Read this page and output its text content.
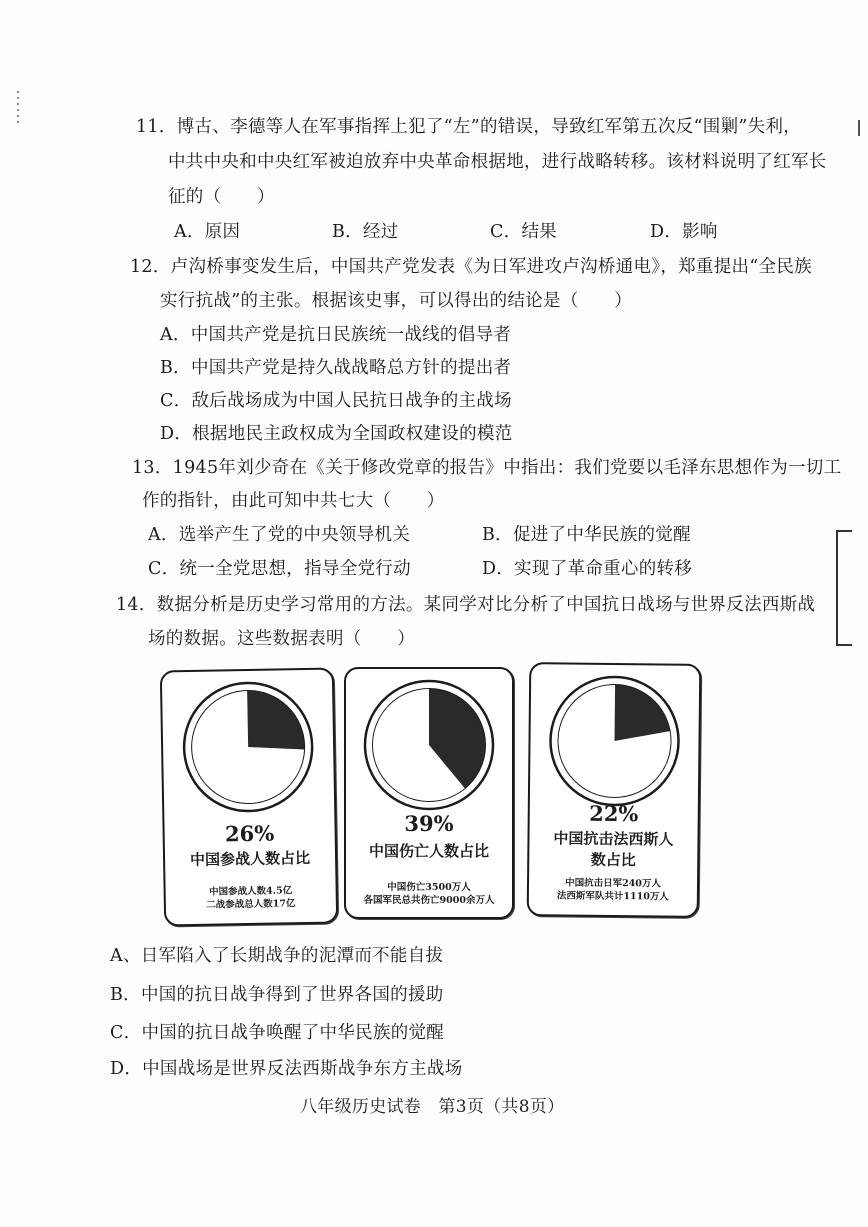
11．博古、李德等人在军事指挥上犯了“左”的错误，导致红军第五次反“围剿”失利，
中共中央和中央红军被迫放弃中央革命根据地，进行战略转移。该材料说明了红军长
征的（　　）
A．原因	B．经过	C．结果	D．影响
12．卢沟桥事变发生后，中国共产党发表《为日军进攻卢沟桥通电》，郑重提出“全民族
实行抗战”的主张。根据该史事，可以得出的结论是（　　）
A．中国共产党是抗日民族统一战线的倡导者
B．中国共产党是持久战战略总方针的提出者
C．敌后战场成为中国人民抗日战争的主战场
D．根据地民主政权成为全国政权建设的模范
13．1945年刘少奇在《关于修改党章的报告》中指出：我们党要以毛泽东思想作为一切工
作的指针，由此可知中共七大（　　）
A．选举产生了党的中央领导机关	B．促进了中华民族的觉醒
C．统一全党思想，指导全党行动	D．实现了革命重心的转移
14．数据分析是历史学习常用的方法。某同学对比分析了中国抗日战场与世界反法西斯战
场的数据。这些数据表明（　　）
26%
中国参战人数占比
中国参战人数4.5亿
二战参战总人数17亿
39%
中国伤亡人数占比
中国伤亡3500万人
各国军民总共伤亡9000余万人
22%
中国抗击法西斯人
数占比
中国抗击日军240万人
法西斯军队共计1110万人
A、日军陷入了长期战争的泥潭而不能自拔
B．中国的抗日战争得到了世界各国的援助
C．中国的抗日战争唤醒了中华民族的觉醒
D．中国战场是世界反法西斯战争东方主战场
八年级历史试卷　第3页（共8页）
